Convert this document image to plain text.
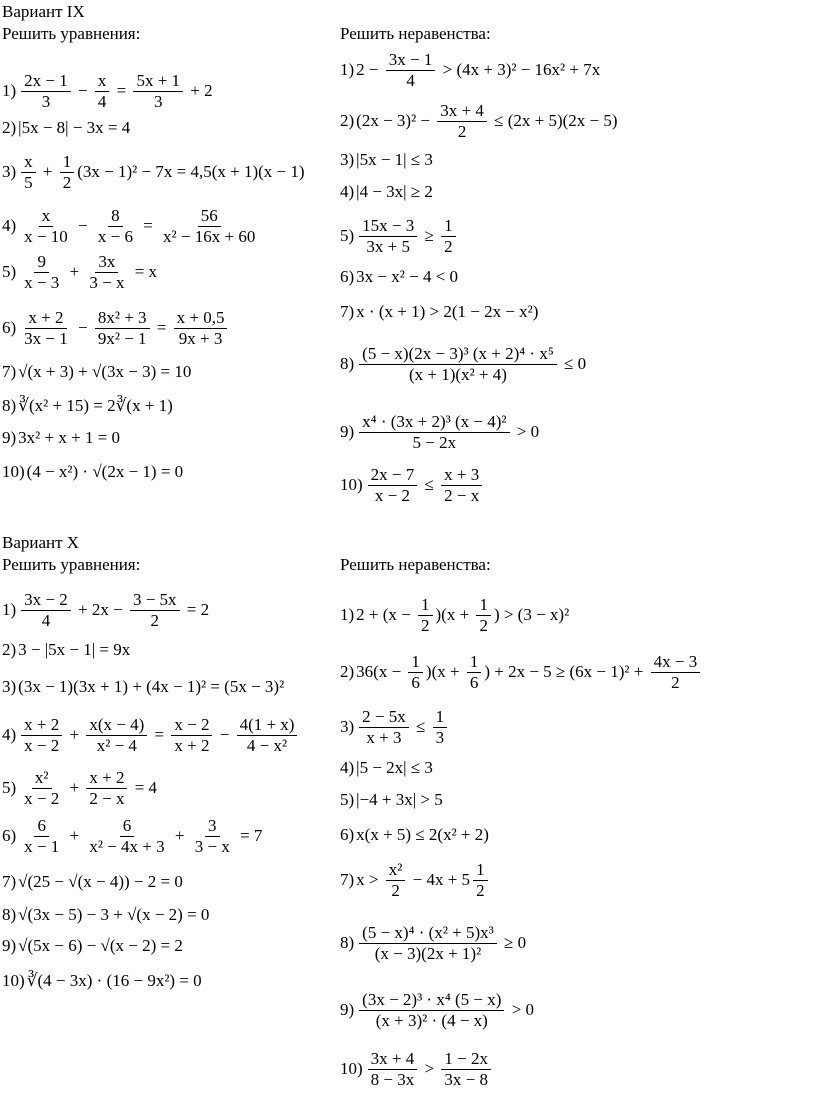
Вариант IX
Решить уравнения:	Решить неравенства:
Вариант X
Решить уравнения:	Решить неравенства:
$1) \frac{2x - 1}{3} - \frac{x}{4} = \frac{5x + 1}{3} + 2$
2) |5x − 8| − 3x = 4
$3) \frac{x}{5} + \frac{1}{2} (3x - 1)^2 - 7x = 4,5(x + 1)(x - 1)$
$4) \frac{x}{x - 10} - \frac{8}{x - 6} = \frac{56}{\text{x² − 16x + 60}}$
$5) \frac{9}{x - 3} + \frac{3x}{3 - x} = x$
$6) \frac{x + 2}{3x - 1} - \frac{\text{8x² + 3}}{\text{9x² − 1}} = \frac{x + 0,5}{9x + 3}$
7) √(x + 3) + √(3x − 3) = 10
8) ∛(x² + 15) = 2∛(x + 1)
9) 3x² + x + 1 = 0
10) (4 − x²) · √(2x − 1) = 0
1) $2 - \frac{3x - 1}{4} > (4x + 3)^2 - 16x^2 + 7x$
2) $(2x - 3)^2 - \frac{3x + 4}{2} \le (2x + 5)(2x - 5)$
3) |5x − 1| ≤ 3
4) |4 − 3x| ≥ 2
$5) \frac{15x - 3}{3x + 5} \ge \frac{1}{2}$
6) 3x − x² − 4 < 0
7) x · (x + 1) > 2(1 − 2x − x²)
$8) \frac{\text{(5 − x)(2x − 3)³ (x + 2)⁴ · x⁵}}{\text{(x + 1)(x² + 4)}} \le 0$
$9) \frac{\text{x⁴ · (3x + 2)³ (x − 4)²}}{5 - 2x} > 0$
$10) \frac{2x - 7}{x - 2} \le \frac{x + 3}{2 - x}$
$1) \frac{3x - 2}{4} + 2x - \frac{3 - 5x}{2} = 2$
2) 3 − |5x − 1| = 9x
3) (3x − 1)(3x + 1) + (4x − 1)² = (5x − 3)²
$4) \frac{x + 2}{x - 2} + \frac{x(x - 4)}{\text{x² − 4}} = \frac{x - 2}{x + 2} - \frac{4(1 + x)}{\text{4 − x²}}$
$5) \frac{\text{x²}}{x - 2} + \frac{x + 2}{2 - x} = 4$
$6) \frac{6}{x - 1} + \frac{6}{\text{x² − 4x + 3}} + \frac{3}{3 - x} = 7$
7) √(25 − √(x − 4)) − 2 = 0
8) √(3x − 5) − 3 + √(x − 2) = 0
9) √(5x − 6) − √(x − 2) = 2
10) ∛(4 − 3x) · (16 − 9x²) = 0
1) $2 + (x - \frac{1}{2} )(x + \frac{1}{2}$ ) > (3 − x)²
2) $36(x - \frac{1}{6} )(x + \frac{1}{6}$ ) + $2x - 5 \ge (6x - 1)^2 + \frac{4x - 3}{2}$
$3) \frac{2 - 5x}{x + 3} \le \frac{1}{3}$
4) |5 − 2x| ≤ 3
5) |−4 + 3x| > 5
6) x(x + 5) ≤ 2(x² + 2)
7) $x > \frac{\text{x²}}{2} - 4x + 5 \frac{1}{2}$
$8) \frac{\text{(5 − x)⁴ · (x² + 5)x³}}{\text{(x − 3)(2x + 1)²}} \ge 0$
$9) \frac{\text{(3x − 2)³ · x⁴ (5 − x)}}{\text{(x + 3)² · (4 − x)}} > 0$
$10) \frac{3x + 4}{8 - 3x} > \frac{1 - 2x}{3x - 8}$
